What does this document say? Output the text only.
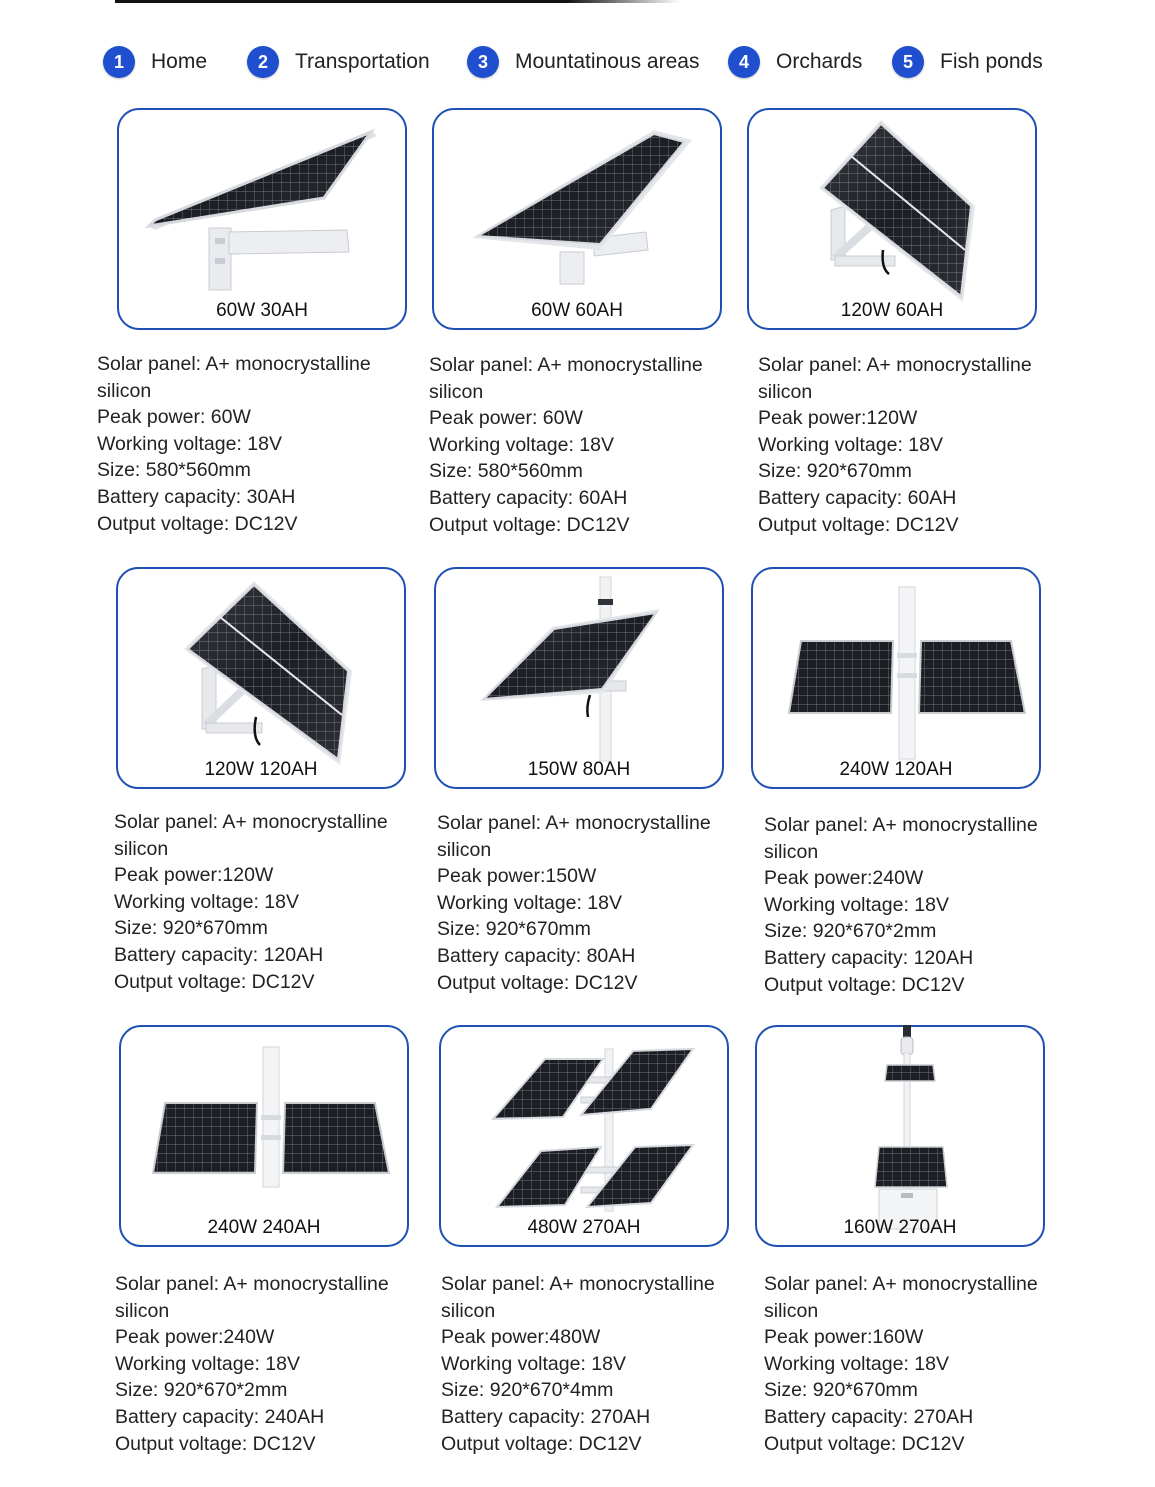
1	Home	2	Transportation	3	Mountatinous areas	4	Orchards	5	Fish ponds
60W 30AH	60W 60AH	120W 60AH
Solar panel: A+ monocrystalline
silicon
Peak power: 60W
Working voltage: 18V
Size: 580*560mm
Battery capacity: 30AH
Output voltage: DC12V
Solar panel: A+ monocrystalline
silicon
Peak power: 60W
Working voltage: 18V
Size: 580*560mm
Battery capacity: 60AH
Output voltage: DC12V
Solar panel: A+ monocrystalline
silicon
Peak power:120W
Working voltage: 18V
Size: 920*670mm
Battery capacity: 60AH
Output voltage: DC12V
120W 120AH	150W 80AH	240W 120AH
Solar panel: A+ monocrystalline
silicon
Peak power:120W
Working voltage: 18V
Size: 920*670mm
Battery capacity: 120AH
Output voltage: DC12V
Solar panel: A+ monocrystalline
silicon
Peak power:150W
Working voltage: 18V
Size: 920*670mm
Battery capacity: 80AH
Output voltage: DC12V
Solar panel: A+ monocrystalline
silicon
Peak power:240W
Working voltage: 18V
Size: 920*670*2mm
Battery capacity: 120AH
Output voltage: DC12V
240W 240AH	480W 270AH	160W 270AH
Solar panel: A+ monocrystalline
silicon
Peak power:240W
Working voltage: 18V
Size: 920*670*2mm
Battery capacity: 240AH
Output voltage: DC12V
Solar panel: A+ monocrystalline
silicon
Peak power:480W
Working voltage: 18V
Size: 920*670*4mm
Battery capacity: 270AH
Output voltage: DC12V
Solar panel: A+ monocrystalline
silicon
Peak power:160W
Working voltage: 18V
Size: 920*670mm
Battery capacity: 270AH
Output voltage: DC12V
